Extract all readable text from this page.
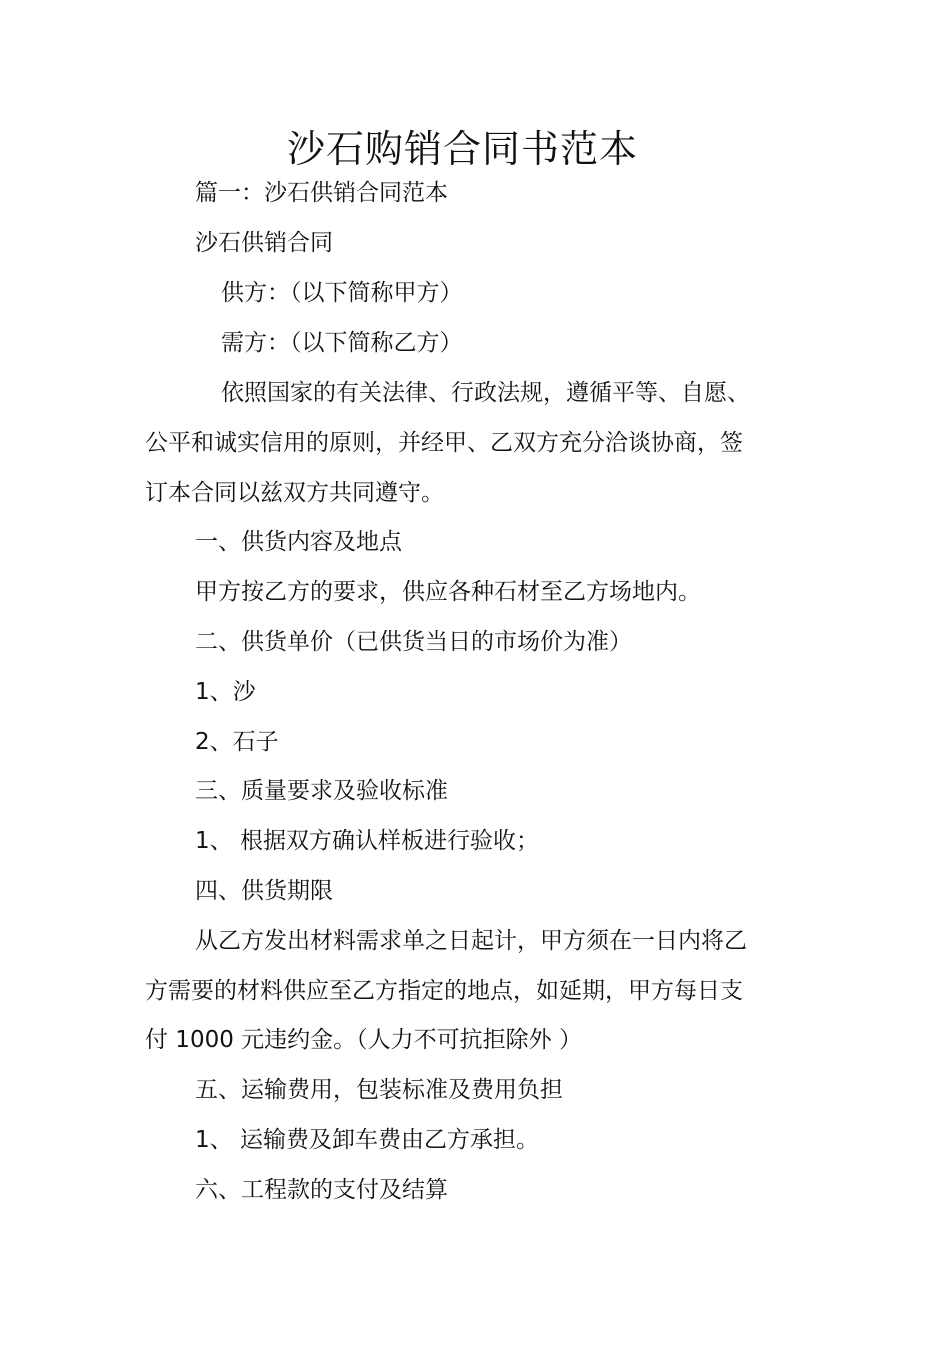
沙石购销合同书范本
篇一：沙石供销合同范本
沙石供销合同
供方：（以下简称甲方）
需方：（以下简称乙方）
依照国家的有关法律、行政法规，遵循平等、自愿、
公平和诚实信用的原则，并经甲、乙双方充分洽谈协商，签
订本合同以兹双方共同遵守。
一、供货内容及地点
甲方按乙方的要求，供应各种石材至乙方场地内。
二、供货单价（已供货当日的市场价为准）
1、沙
2、石子
三、质量要求及验收标准
1、 根据双方确认样板进行验收；
四、供货期限
从乙方发出材料需求单之日起计，甲方须在一日内将乙
方需要的材料供应至乙方指定的地点，如延期，甲方每日支
付 1000 元违约金。（人力不可抗拒除外 ）
五、运输费用，包装标准及费用负担
1、 运输费及卸车费由乙方承担。
六、工程款的支付及结算
